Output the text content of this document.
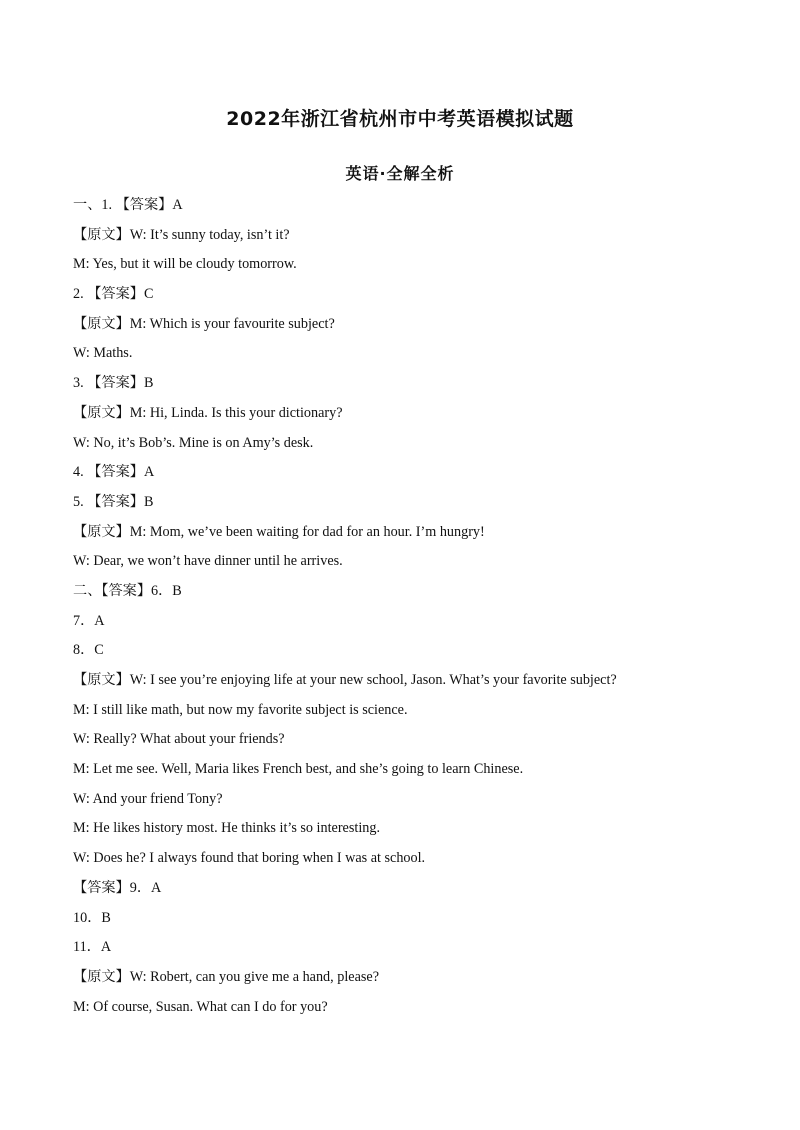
2022年浙江省杭州市中考英语模拟试题
英语·全解全析
一、1. 【答案】A
【原文】W: It’s sunny today, isn’t it?
M: Yes, but it will be cloudy tomorrow.
2. 【答案】C
【原文】M: Which is your favourite subject?
W: Maths.
3. 【答案】B
【原文】M: Hi, Linda. Is this your dictionary?
W: No, it’s Bob’s. Mine is on Amy’s desk.
4. 【答案】A
5. 【答案】B
【原文】M: Mom, we’ve been waiting for dad for an hour. I’m hungry!
W: Dear, we won’t have dinner until he arrives.
二、【答案】6．B
7．A
8．C
【原文】W: I see you’re enjoying life at your new school, Jason. What’s your favorite subject?
M: I still like math, but now my favorite subject is science.
W: Really? What about your friends?
M: Let me see. Well, Maria likes French best, and she’s going to learn Chinese.
W: And your friend Tony?
M: He likes history most. He thinks it’s so interesting.
W: Does he? I always found that boring when I was at school.
【答案】9．A
10．B
11．A
【原文】W: Robert, can you give me a hand, please?
M: Of course, Susan. What can I do for you?
